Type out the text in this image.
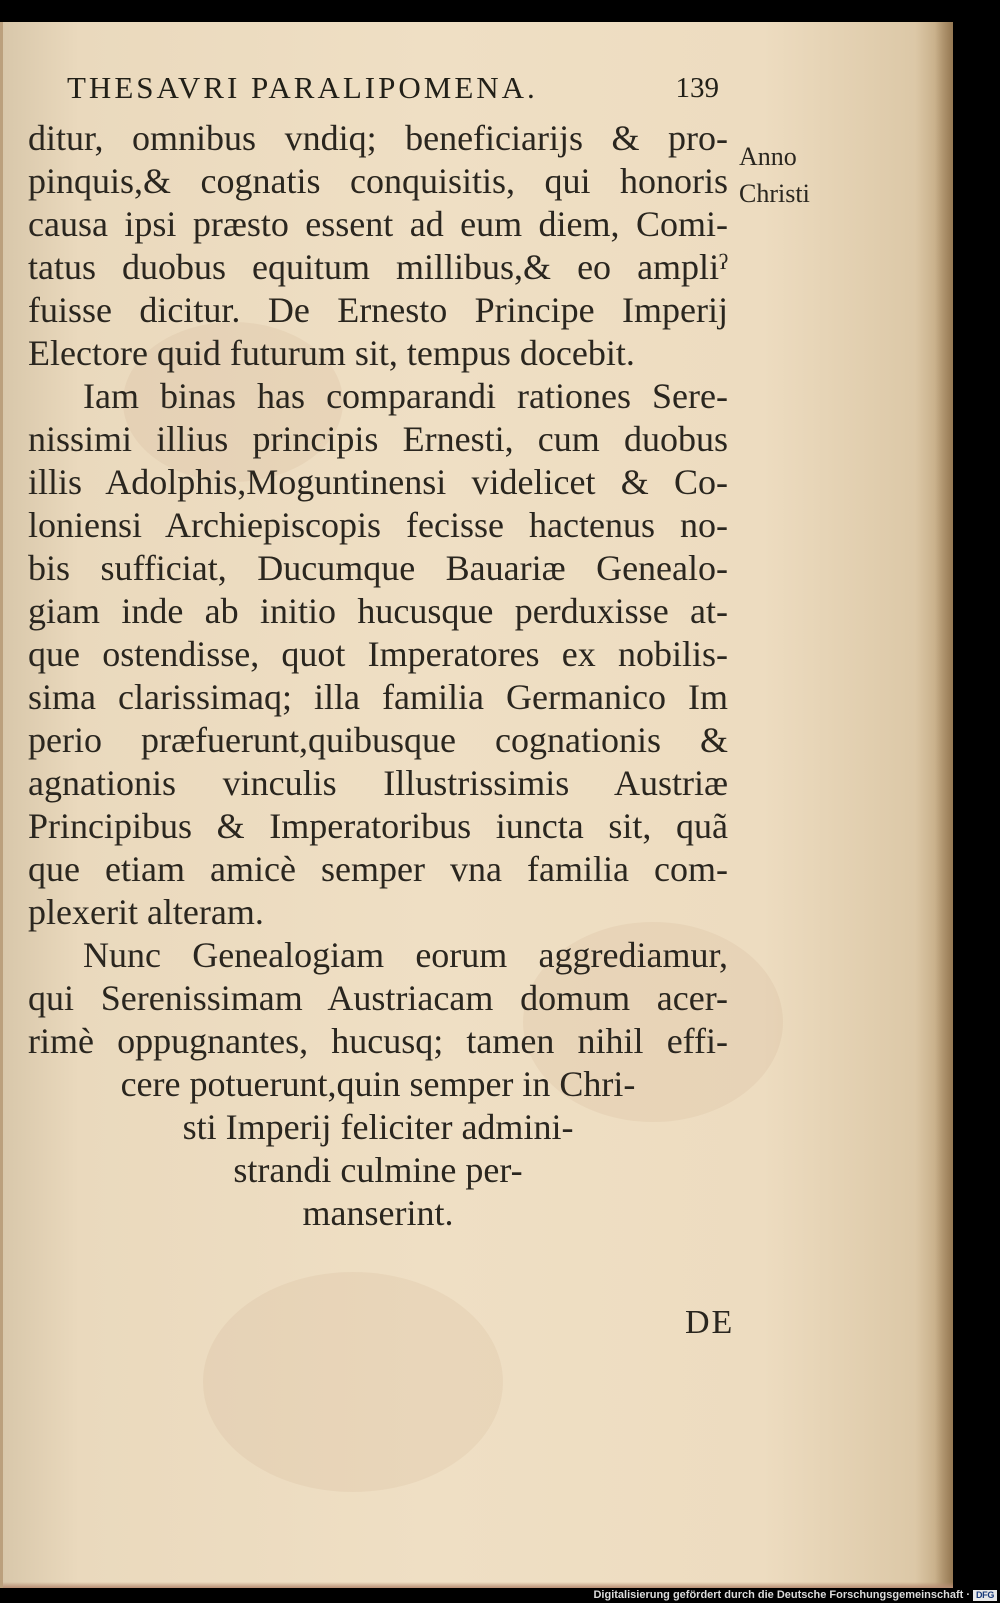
THESAVRI PARALIPOMENA.	139
Anno
Christi
ditur, omnibus vndiq; beneficiarijs & pro-
pinquis,& cognatis conquisitis, qui honoris
causa ipsi præsto essent ad eum diem, Comi-
tatus duobus equitum millibus,& eo ampliˀ
fuisse dicitur. De Ernesto Principe Imperij
Electore quid futurum sit, tempus docebit.
Iam binas has comparandi rationes Sere-
nissimi illius principis Ernesti, cum duobus
illis Adolphis,Moguntinensi videlicet & Co-
loniensi Archiepiscopis fecisse hactenus no-
bis sufficiat, Ducumque Bauariæ Genealo-
giam inde ab initio hucusque perduxisse at-
que ostendisse, quot Imperatores ex nobilis-
sima clarissimaq; illa familia Germanico Im
perio præfuerunt,quibusque cognationis &
agnationis vinculis Illustrissimis Austriæ
Principibus & Imperatoribus iuncta sit, quã
que etiam amicè semper vna familia com-
plexerit alteram.
Nunc Genealogiam eorum aggrediamur,
qui Serenissimam Austriacam domum acer-
rimè oppugnantes, hucusq; tamen nihil effi-
cere potuerunt,quin semper in Chri-
sti Imperij feliciter admini-
strandi culmine per-
manserint.
DE
Digitalisierung gefördert durch die Deutsche Forschungsgemeinschaft · DFG
